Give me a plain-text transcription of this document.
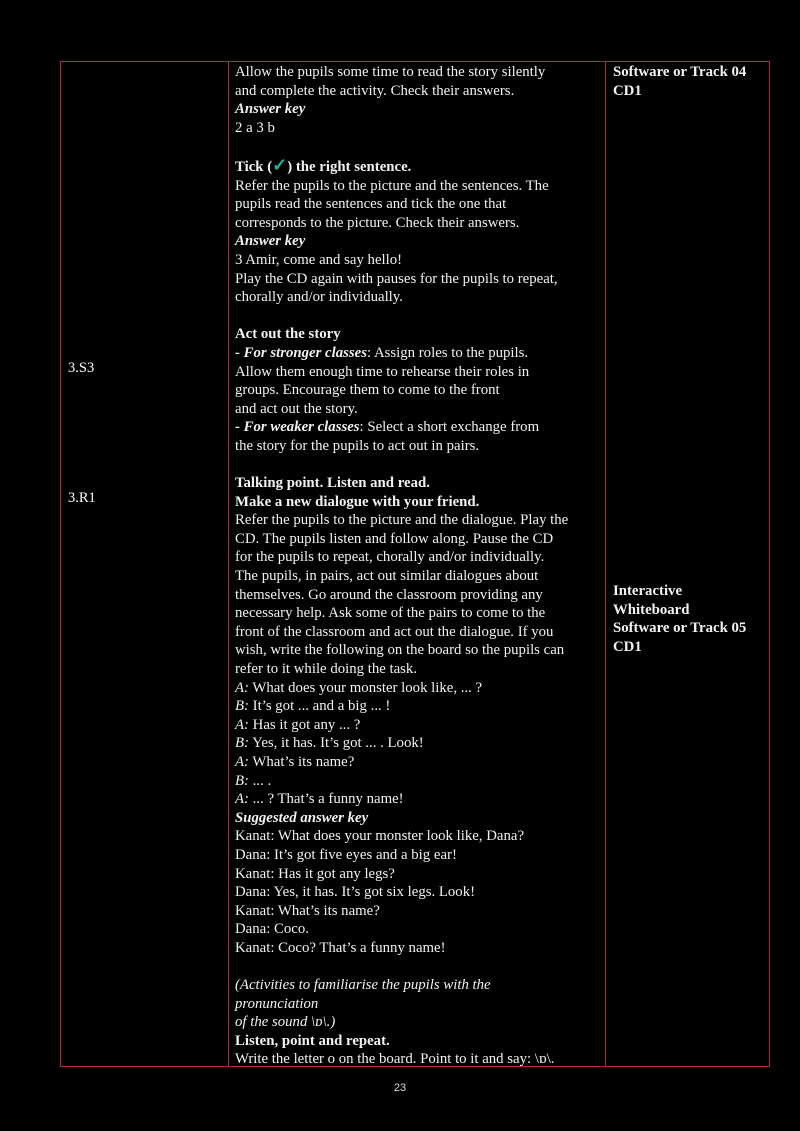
3.S3
3.R1
Software or Track 04
CD1
Interactive
Whiteboard
Software or Track 05
CD1

Allow the pupils some time to read the story silently

and complete the activity. Check their answers.

Answer key

2 a 3 b

Tick (✓) the right sentence.

Refer the pupils to the picture and the sentences. The

pupils read the sentences and tick the one that

corresponds to the picture. Check their answers.

Answer key

3 Amir, come and say hello!

Play the CD again with pauses for the pupils to repeat,

chorally and/or individually.

Act out the story

- For stronger classes: Assign roles to the pupils.

Allow them enough time to rehearse their roles in

groups. Encourage them to come to the front

and act out the story.

- For weaker classes: Select a short exchange from

the story for the pupils to act out in pairs.

Talking point. Listen and read.

Make a new dialogue with your friend.

Refer the pupils to the picture and the dialogue. Play the

CD. The pupils listen and follow along. Pause the CD

for the pupils to repeat, chorally and/or individually.

The pupils, in pairs, act out similar dialogues about

themselves. Go around the classroom providing any

necessary help. Ask some of the pairs to come to the

front of the classroom and act out the dialogue. If you

wish, write the following on the board so the pupils can

refer to it while doing the task.

A: What does your monster look like, ... ?

B: It’s got ... and a big ... !

A: Has it got any ... ?

B: Yes, it has. It’s got ... . Look!

A: What’s its name?

B: ... .

A: ... ? That’s a funny name!

Suggested answer key

Kanat: What does your monster look like, Dana?

Dana: It’s got five eyes and a big ear!

Kanat: Has it got any legs?

Dana: Yes, it has. It’s got six legs. Look!

Kanat: What’s its name?

Dana: Coco.

Kanat: Coco? That’s a funny name!

(Activities to familiarise the pupils with the

pronunciation

of the sound \ɒ\.)

Listen, point and repeat.

Write the letter o on the board. Point to it and say: \ɒ\.

23
